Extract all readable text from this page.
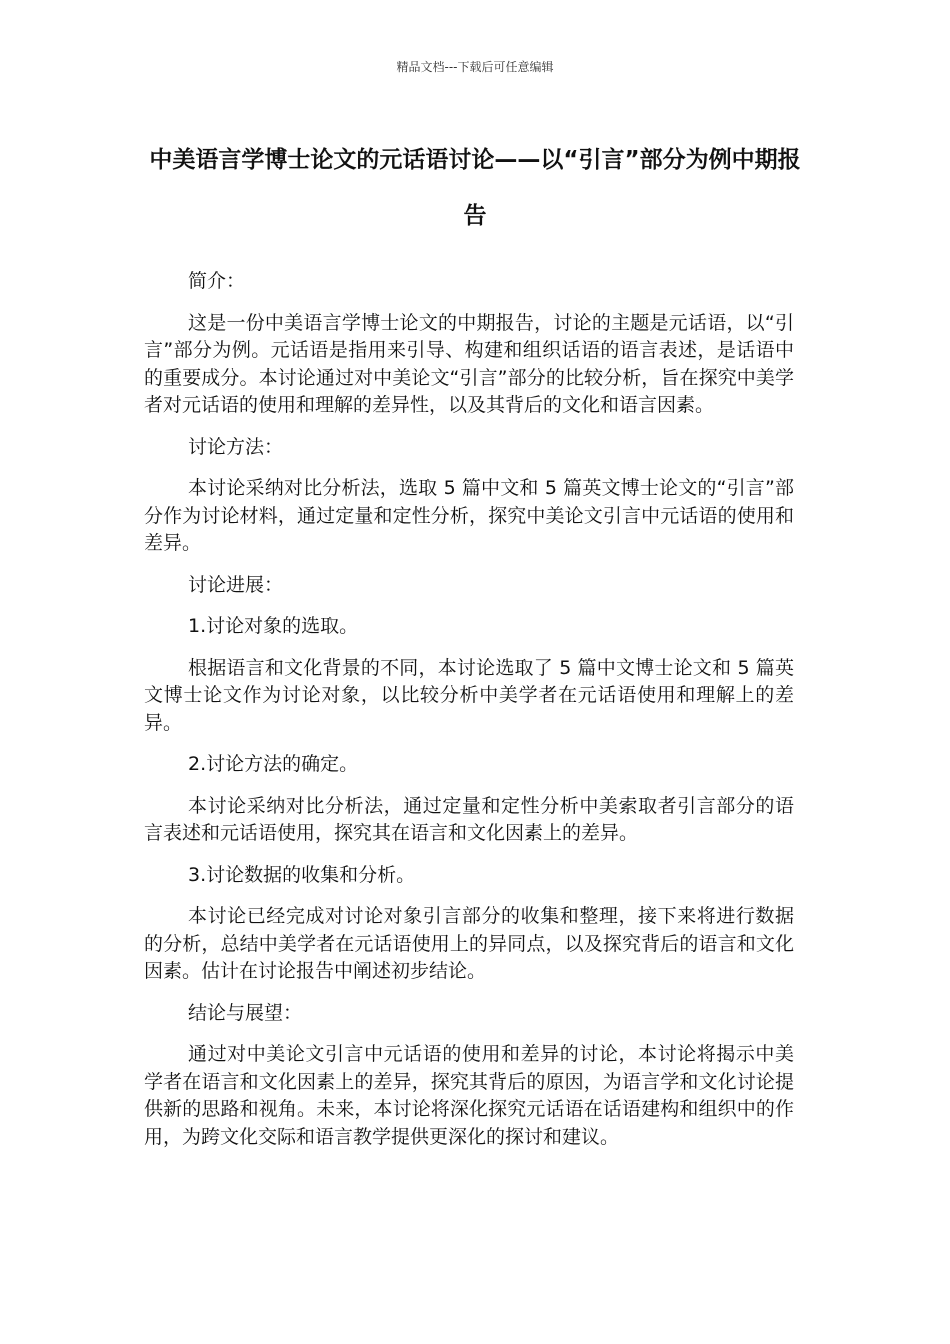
精品文档---下载后可任意编辑
中美语言学博士论文的元话语讨论——以“引言”部分为例中期报告

简介：

这是一份中美语言学博士论文的中期报告，讨论的主题是元话语，以“引言”部分为例。元话语是指用来引导、构建和组织话语的语言表述，是话语中的重要成分。本讨论通过对中美论文“引言”部分的比较分析，旨在探究中美学者对元话语的使用和理解的差异性，以及其背后的文化和语言因素。

讨论方法：

本讨论采纳对比分析法，选取 5 篇中文和 5 篇英文博士论文的“引言”部分作为讨论材料，通过定量和定性分析，探究中美论文引言中元话语的使用和差异。

讨论进展：

1.讨论对象的选取。

根据语言和文化背景的不同，本讨论选取了 5 篇中文博士论文和 5 篇英文博士论文作为讨论对象，以比较分析中美学者在元话语使用和理解上的差异。

2.讨论方法的确定。

本讨论采纳对比分析法，通过定量和定性分析中美索取者引言部分的语言表述和元话语使用，探究其在语言和文化因素上的差异。

3.讨论数据的收集和分析。

本讨论已经完成对讨论对象引言部分的收集和整理，接下来将进行数据的分析，总结中美学者在元话语使用上的异同点，以及探究背后的语言和文化因素。估计在讨论报告中阐述初步结论。

结论与展望：

通过对中美论文引言中元话语的使用和差异的讨论，本讨论将揭示中美学者在语言和文化因素上的差异，探究其背后的原因，为语言学和文化讨论提供新的思路和视角。未来，本讨论将深化探究元话语在话语建构和组织中的作用，为跨文化交际和语言教学提供更深化的探讨和建议。
